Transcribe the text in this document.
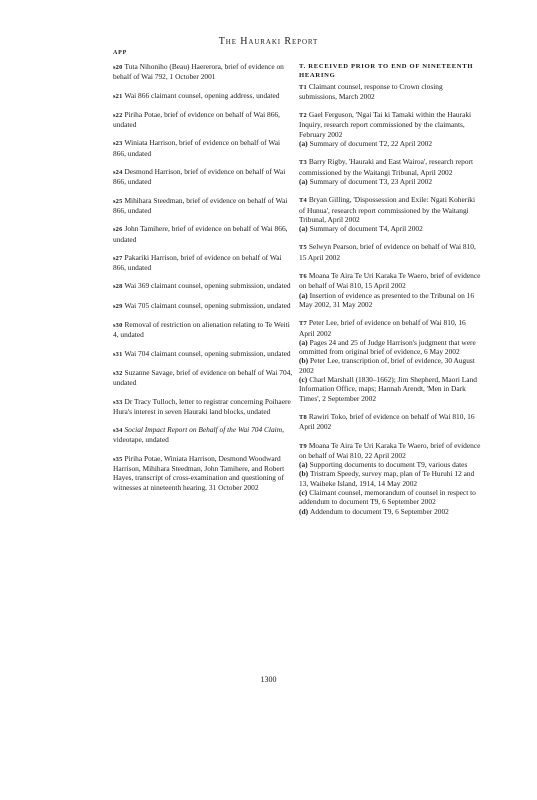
The Hauraki Report
APP

s20 Tuta Nihoniho (Beau) Haererora, brief of evidence on behalf of Wai 792, 1 October 2001

s21 Wai 866 claimant counsel, opening address, undated

s22 Piriha Potae, brief of evidence on behalf of Wai 866, undated

s23 Winiata Harrison, brief of evidence on behalf of Wai 866, undated

s24 Desmond Harrison, brief of evidence on behalf of Wai 866, undated

s25 Mihihara Steedman, brief of evidence on behalf of Wai 866, undated

s26 John Tamihere, brief of evidence on behalf of Wai 866, undated

s27 Pakariki Harrison, brief of evidence on behalf of Wai 866, undated

s28 Wai 369 claimant counsel, opening submission, undated

s29 Wai 705 claimant counsel, opening submission, undated

s30 Removal of restriction on alienation relating to Te Weiti 4, undated

s31 Wai 704 claimant counsel, opening submission, undated

s32 Suzanne Savage, brief of evidence on behalf of Wai 704, undated

s33 Dr Tracy Tulloch, letter to registrar concerning Poihaere Hura's interest in seven Hauraki land blocks, undated

s34 Social Impact Report on Behalf of the Wai 704 Claim, videotape, undated

s35 Piriha Potae, Winiata Harrison, Desmond Woodward Harrison, Mihihara Steedman, John Tamihere, and Robert Hayes, transcript of cross-examination and questioning of witnesses at nineteenth hearing, 31 October 2002

T. RECEIVED PRIOR TO END OF NINETEENTH HEARING

T1 Claimant counsel, response to Crown closing submissions, March 2002

T2 Gael Ferguson, 'Ngai Tai ki Tamaki within the Hauraki Inquiry, research report commissioned by the claimants, February 2002

(a) Summary of document T2, 22 April 2002

T3 Barry Rigby, 'Hauraki and East Wairoa', research report commissioned by the Waitangi Tribunal, April 2002

(a) Summary of document T3, 23 April 2002

T4 Bryan Gilling, 'Dispossession and Exile: Ngati Koheriki of Hunua', research report commissioned by the Waitangi Tribunal, April 2002

(a) Summary of document T4, April 2002

T5 Selwyn Pearson, brief of evidence on behalf of Wai 810, 15 April 2002

T6 Moana Te Aira Te Uri Karaka Te Waero, brief of evidence on behalf of Wai 810, 15 April 2002

(a) Insertion of evidence as presented to the Tribunal on 16 May 2002, 31 May 2002

T7 Peter Lee, brief of evidence on behalf of Wai 810, 16 April 2002

(a) Pages 24 and 25 of Judge Harrison's judgment that were ommitted from original brief of evidence, 6 May 2002

(b) Peter Lee, transcription of, brief of evidence, 30 August 2002

(c) Charl Marshall (1830–1662); Jim Shepherd, Maori Land Information Office, maps; Hannah Arendt, 'Men in Dark Times', 2 September 2002

T8 Rawiri Toko, brief of evidence on behalf of Wai 810, 16 April 2002

T9 Moana Te Aira Te Uri Karaka Te Waero, brief of evidence on behalf of Wai 810, 22 April 2002

(a) Supporting documents to document T9, various dates

(b) Tristram Speedy, survey map, plan of Te Huruhi 12 and 13, Waiheke Island, 1914, 14 May 2002

(c) Claimant counsel, memorandum of counsel in respect to addendum to document T9, 6 September 2002

(d) Addendum to document T9, 6 September 2002

1300
